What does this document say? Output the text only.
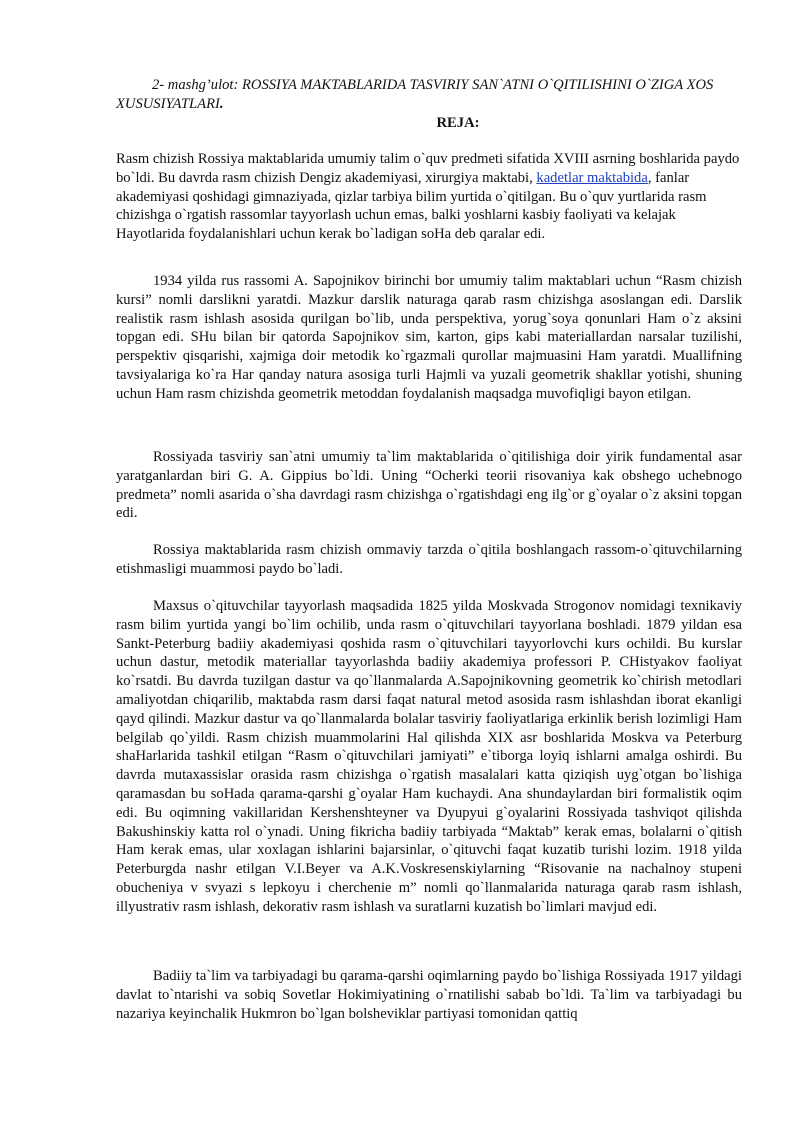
2- mashg’ulot: ROSSIYA MAKTABLARIDA TASVIRIY SAN`ATNI O`QITILISHINI O`ZIGA XOS XUSUSIYATLARI.
REJA:

Rasm chizish Rossiya maktablarida umumiy talim o`quv predmeti sifatida XVIII asrning boshlarida paydo bo`ldi. Bu davrda rasm chizish Dengiz akademiyasi, xirurgiya maktabi, kadetlar maktabida, fanlar akademiyasi qoshidagi gimnaziyada, qizlar tarbiya bilim yurtida o`qitilgan. Bu o`quv yurtlarida rasm chizishga o`rgatish rassomlar tayyorlash uchun emas, balki yoshlarni kasbiy faoliyati va kelajak Hayotlarida foydalanishlari uchun kerak bo`ladigan soHa deb qaralar edi.

1934 yilda rus rassomi A. Sapojnikov birinchi bor umumiy talim maktablari uchun “Rasm chizish kursi” nomli darslikni yaratdi. Mazkur darslik naturaga qarab rasm chizishga asoslangan edi. Darslik realistik rasm ishlash asosida qurilgan bo`lib, unda perspektiva, yorug`soya qonunlari Ham o`z aksini topgan edi. SHu bilan bir qatorda Sapojnikov sim, karton, gips kabi materiallardan narsalar tuzilishi, perspektiv qisqarishi, xajmiga doir metodik ko`rgazmali qurollar majmuasini Ham yaratdi. Muallifning tavsiyalariga ko`ra Har qanday natura asosiga turli Hajmli va yuzali geometrik shakllar yotishi, shuning uchun Ham rasm chizishda geometrik metoddan foydalanish maqsadga muvofiqligi bayon etilgan.

Rossiyada tasviriy san`atni umumiy ta`lim maktablarida o`qitilishiga doir yirik fundamental asar yaratganlardan biri G. A. Gippius bo`ldi. Uning “Ocherki teorii risovaniya kak obshego uchebnogo predmeta” nomli asarida o`sha davrdagi rasm chizishga o`rgatishdagi eng ilg`or g`oyalar o`z aksini topgan edi.

Rossiya maktablarida rasm chizish ommaviy tarzda o`qitila boshlangach rassom-o`qituvchilarning etishmasligi muammosi paydo bo`ladi.

Maxsus o`qituvchilar tayyorlash maqsadida 1825 yilda Moskvada Strogonov nomidagi texnikaviy rasm bilim yurtida yangi bo`lim ochilib, unda rasm o`qituvchilari tayyorlana boshladi. 1879 yildan esa Sankt-Peterburg badiiy akademiyasi qoshida rasm o`qituvchilari tayyorlovchi kurs ochildi. Bu kurslar uchun dastur, metodik materiallar tayyorlashda badiiy akademiya professori P. CHistyakov faoliyat ko`rsatdi. Bu davrda tuzilgan dastur va qo`llanmalarda A.Sapojnikovning geometrik ko`chirish metodlari amaliyotdan chiqarilib, maktabda rasm darsi faqat natural metod asosida rasm ishlashdan iborat ekanligi qayd qilindi. Mazkur dastur va qo`llanmalarda bolalar tasviriy faoliyatlariga erkinlik berish lozimligi Ham belgilab qo`yildi. Rasm chizish muammolarini Hal qilishda XIX asr boshlarida Moskva va Peterburg shaHarlarida tashkil etilgan “Rasm o`qituvchilari jamiyati” e`tiborga loyiq ishlarni amalga oshirdi. Bu davrda mutaxassislar orasida rasm chizishga o`rgatish masalalari katta qiziqish uyg`otgan bo`lishiga qaramasdan bu soHada qarama-qarshi g`oyalar Ham kuchaydi. Ana shundaylardan biri formalistik oqim edi. Bu oqimning vakillaridan Kershenshteyner va Dyupyui g`oyalarini Rossiyada tashviqot qilishda Bakushinskiy katta rol o`ynadi. Uning fikricha badiiy tarbiyada “Maktab” kerak emas, bolalarni o`qitish Ham kerak emas, ular xoxlagan ishlarini bajarsinlar, o`qituvchi faqat kuzatib turishi lozim. 1918 yilda Peterburgda nashr etilgan V.I.Beyer va A.K.Voskresenskiylarning “Risovanie na nachalnoy stupeni obucheniya v svyazi s lepkoyu i cherchenie m” nomli qo`llanmalarida naturaga qarab rasm ishlash, illyustrativ rasm ishlash, dekorativ rasm ishlash va suratlarni kuzatish bo`limlari mavjud edi.

Badiiy ta`lim va tarbiyadagi bu qarama-qarshi oqimlarning paydo bo`lishiga Rossiyada 1917 yildagi davlat to`ntarishi va sobiq Sovetlar Hokimiyatining o`rnatilishi sabab bo`ldi. Ta`lim va tarbiyadagi bu nazariya keyinchalik Hukmron bo`lgan bolsheviklar partiyasi tomonidan qattiq
